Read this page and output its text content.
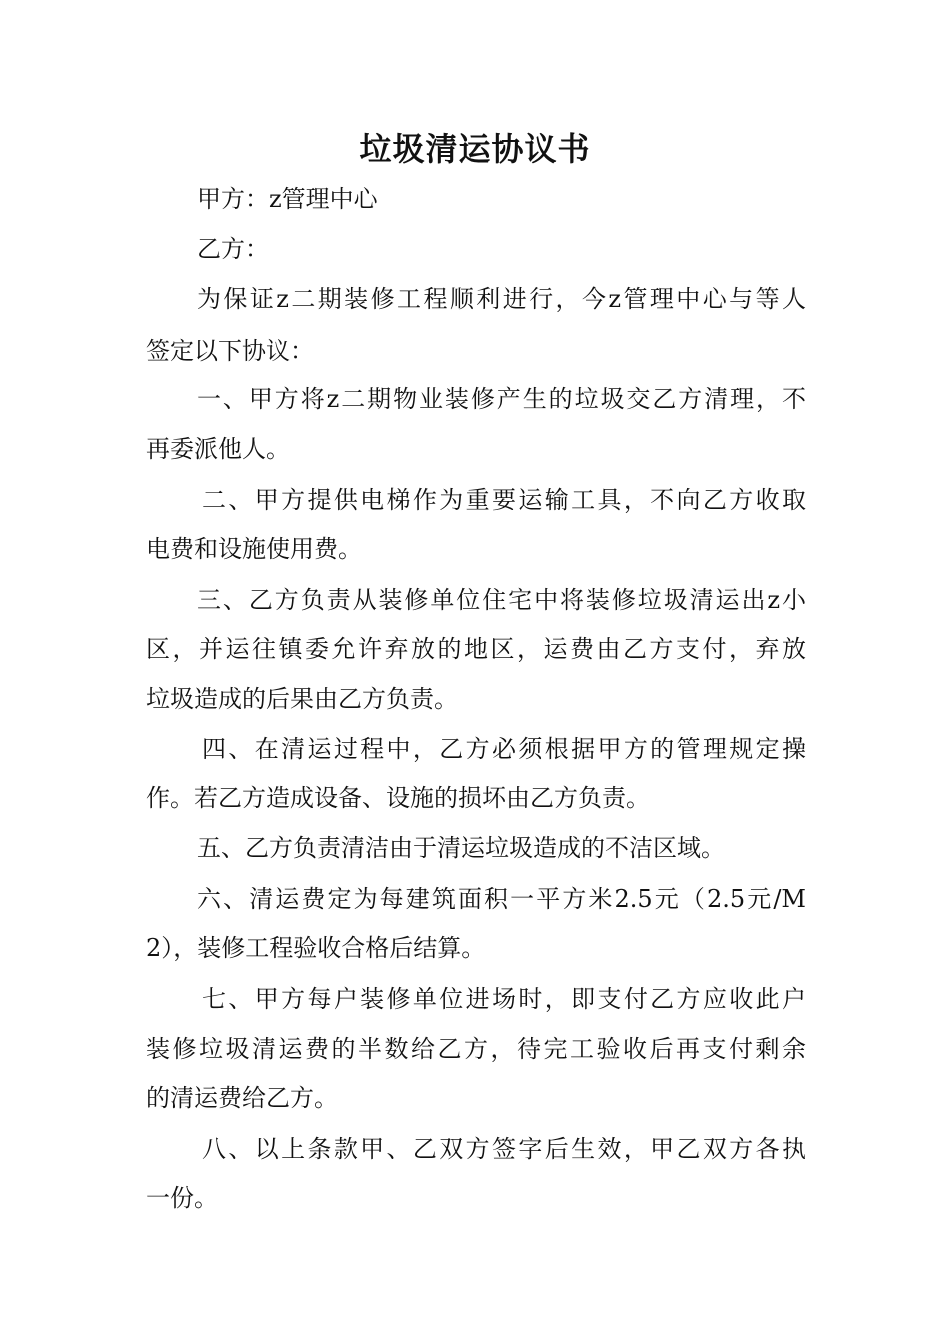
垃圾清运协议书

甲方：z管理中心

乙方：

为保证z二期装修工程顺利进行，今z管理中心与等人

签定以下协议：

一、甲方将z二期物业装修产生的垃圾交乙方清理，不

再委派他人。

二、甲方提供电梯作为重要运输工具，不向乙方收取

电费和设施使用费。

三、乙方负责从装修单位住宅中将装修垃圾清运出z小

区，并运往镇委允许弃放的地区，运费由乙方支付，弃放

垃圾造成的后果由乙方负责。

四、在清运过程中，乙方必须根据甲方的管理规定操

作。若乙方造成设备、设施的损坏由乙方负责。

五、乙方负责清洁由于清运垃圾造成的不洁区域。

六、清运费定为每建筑面积一平方米2.5元（2.5元/M

2），装修工程验收合格后结算。

七、甲方每户装修单位进场时，即支付乙方应收此户

装修垃圾清运费的半数给乙方，待完工验收后再支付剩余

的清运费给乙方。

八、以上条款甲、乙双方签字后生效，甲乙双方各执

一份。
